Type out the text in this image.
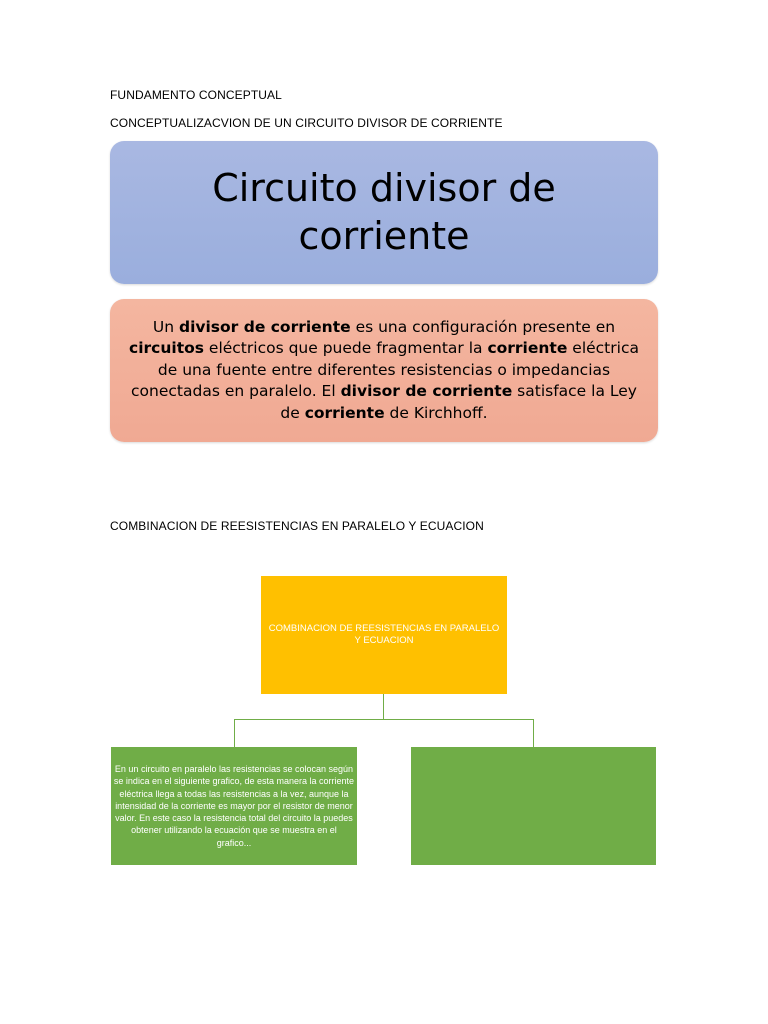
FUNDAMENTO CONCEPTUAL
CONCEPTUALIZACVION DE UN CIRCUITO DIVISOR DE CORRIENTE
Circuito divisor de corriente

Un divisor de corriente es una configuración presente en circuitos eléctricos que puede fragmentar la corriente eléctrica de una fuente entre diferentes resistencias o impedancias conectadas en paralelo. El divisor de corriente satisface la Ley de corriente de Kirchhoff.

COMBINACION DE REESISTENCIAS EN PARALELO Y ECUACION
COMBINACION DE REESISTENCIAS EN PARALELO Y ECUACION
En un circuito en paralelo las resistencias se colocan según se indica en el siguiente grafico, de esta manera la corriente eléctrica llega a todas las resistencias a la vez, aunque la intensidad de la corriente es mayor por el resistor de menor valor. En este caso la resistencia total del circuito la puedes obtener utilizando la ecuación que se muestra en el grafico...
